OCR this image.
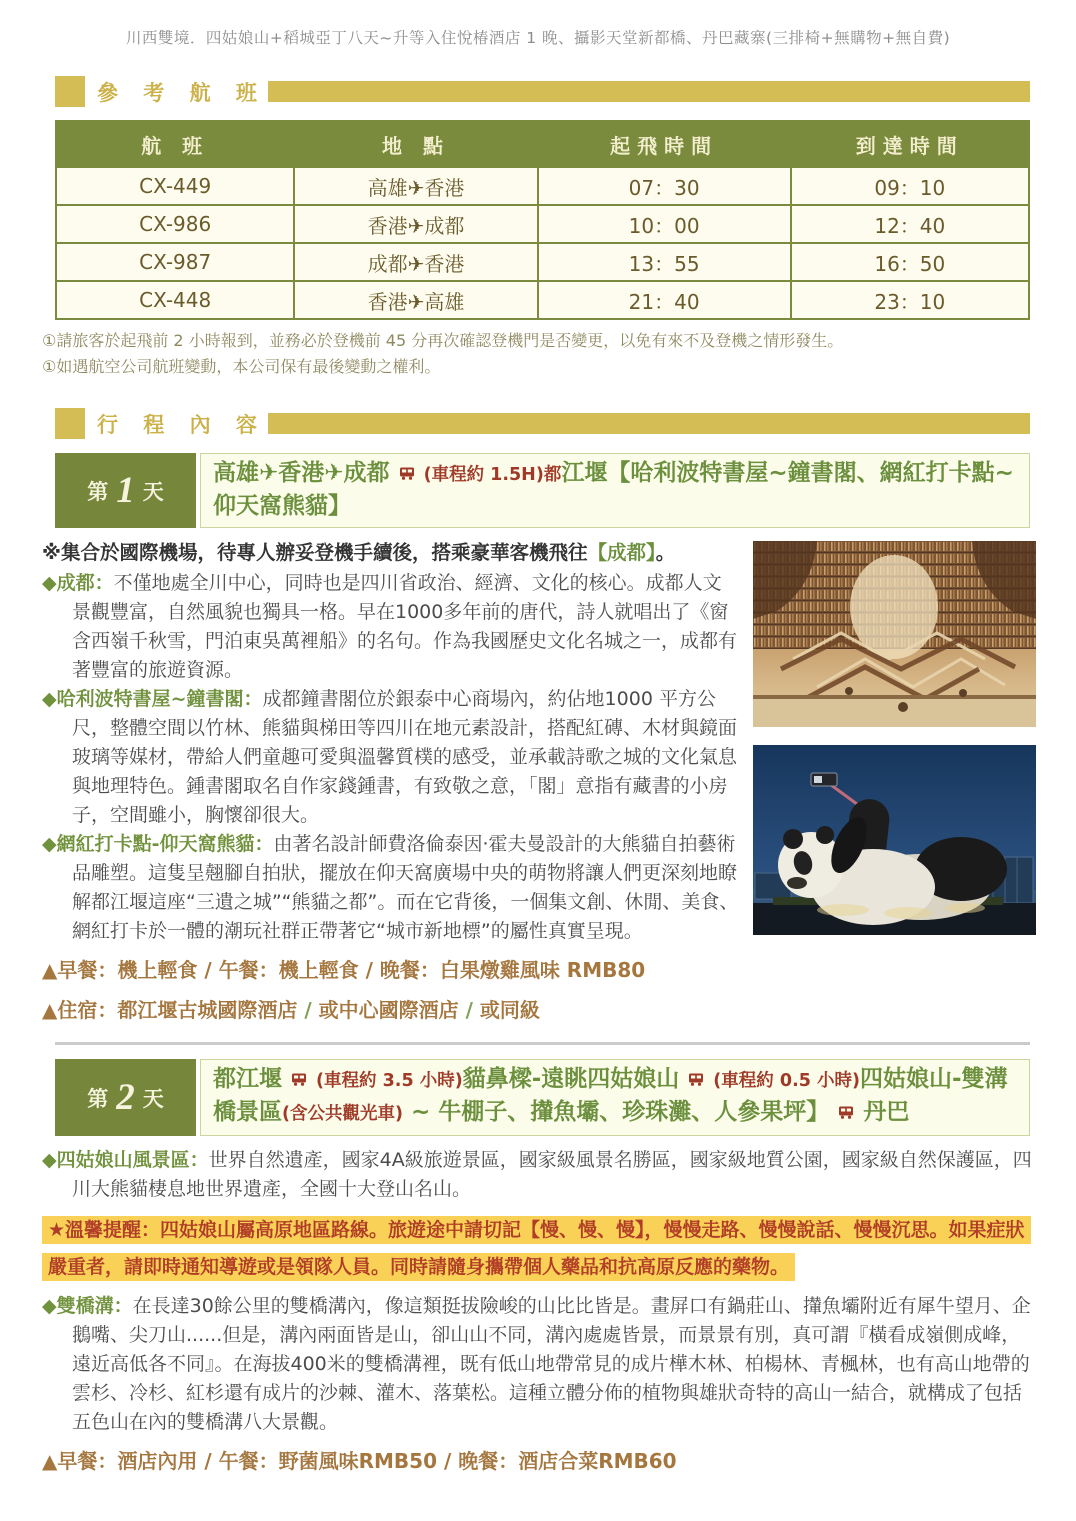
川西雙境．四姑娘山+稻城亞丁八天~升等入住悅椿酒店 1 晚、攝影天堂新都橋、丹巴藏寨(三排椅+無購物+無自費)
參 考 航 班
航 班	地 點	起飛時間	到達時間
CX-449	高雄✈香港	07：30	09：10
CX-986	香港✈成都	10：00	12：40
CX-987	成都✈香港	13：55	16：50
CX-448	香港✈高雄	21：40	23：10
①請旅客於起飛前 2 小時報到，並務必於登機前 45 分再次確認登機門是否變更，以免有來不及登機之情形發生。
①如遇航空公司航班變動，本公司保有最後變動之權利。
行 程 內 容
第 1 天
高雄✈香港✈成都 (車程約 1.5H)都江堰【哈利波特書屋~鐘書閣、網紅打卡點~仰天窩熊貓】

※集合於國際機場，待專人辦妥登機手續後，搭乘豪華客機飛往【成都】。

◆成都：不僅地處全川中心，同時也是四川省政治、經濟、文化的核心。成都人文景觀豐富，自然風貌也獨具一格。早在1000多年前的唐代，詩人就唱出了《窗含西嶺千秋雪，門泊東吳萬裡船》的名句。作為我國歷史文化名城之一，成都有著豐富的旅遊資源。

◆哈利波特書屋~鐘書閣：成都鐘書閣位於銀泰中心商場內，約佔地1000 平方公尺，整體空間以竹林、熊貓與梯田等四川在地元素設計，搭配紅磚、木材與鏡面玻璃等媒材，帶給人們童趣可愛與溫馨質樸的感受，並承載詩歌之城的文化氣息與地理特色。鍾書閣取名自作家錢鍾書，有致敬之意，「閣」意指有藏書的小房子，空間雖小，胸懷卻很大。

◆網紅打卡點-仰天窩熊貓：由著名設計師費洛倫泰因·霍夫曼設計的大熊貓自拍藝術品雕塑。這隻呈翹腳自拍狀，擺放在仰天窩廣場中央的萌物將讓人們更深刻地瞭解都江堰這座“三遺之城”“熊貓之都”。而在它背後，一個集文創、休閒、美食、網紅打卡於一體的潮玩社群正帶著它“城市新地標”的屬性真實呈現。

▲早餐：機上輕食 / 午餐：機上輕食 / 晚餐：白果燉雞風味 RMB80

▲住宿：都江堰古城國際酒店 / 或中心國際酒店 / 或同級

第 2 天
都江堰 (車程約 3.5 小時)貓鼻樑-遠眺四姑娘山  (車程約 0.5 小時)四姑娘山-雙溝橋景區(含公共觀光車) ~ 牛棚子、攆魚壩、珍珠灘、人參果坪】 丹巴

◆四姑娘山風景區：世界自然遺產，國家4A級旅遊景區，國家級風景名勝區，國家級地質公園，國家級自然保護區，四川大熊貓棲息地世界遺產，全國十大登山名山。

★溫馨提醒：四姑娘山屬高原地區路線。旅遊途中請切記【慢、慢、慢】，慢慢走路、慢慢說話、慢慢沉思。如果症狀嚴重者，請即時通知導遊或是領隊人員。同時請隨身攜帶個人藥品和抗高原反應的藥物。

◆雙橋溝：在長達30餘公里的雙橋溝內，像這類挺拔險峻的山比比皆是。畫屏口有鍋莊山、攆魚壩附近有犀牛望月、企鵝嘴、尖刀山......但是，溝內兩面皆是山，卻山山不同，溝內處處皆景，而景景有別，真可謂『橫看成嶺側成峰，遠近高低各不同』。在海拔400米的雙橋溝裡，既有低山地帶常見的成片樺木林、柏楊林、青楓林，也有高山地帶的雲杉、冷杉、紅杉還有成片的沙棘、灌木、落葉松。這種立體分佈的植物與雄狀奇特的高山一結合，就構成了包括五色山在內的雙橋溝八大景觀。

▲早餐：酒店內用 / 午餐：野菌風味RMB50 / 晚餐：酒店合菜RMB60
